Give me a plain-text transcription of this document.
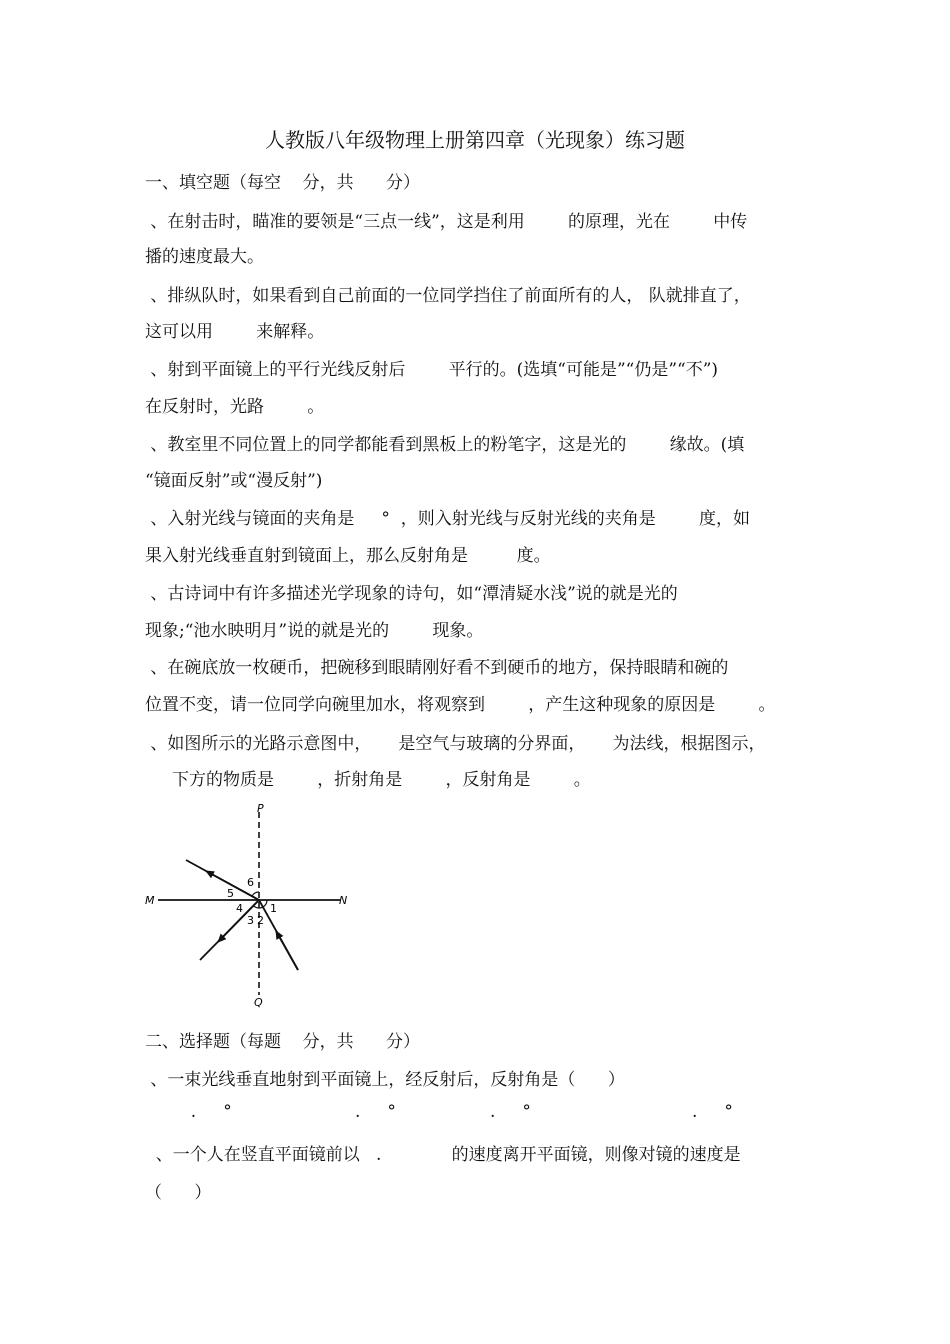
人教版八年级物理上册第四章（光现象）练习题
一、填空题（每空    分，共      分）
、在射击时，瞄准的要领是“三点一线”，这是利用        的原理，光在        中传
播的速度最大。
、排纵队时，如果看到自己前面的一位同学挡住了前面所有的人， 队就排直了，
这可以用        来解释。
、射到平面镜上的平行光线反射后        平行的。(选填“可能是”“仍是”“不”)
在反射时，光路        。
、教室里不同位置上的同学都能看到黑板上的粉笔字，这是光的        缘故。(填
“镜面反射”或“漫反射”)
、入射光线与镜面的夹角是     °  ，则入射光线与反射光线的夹角是        度，如
果入射光线垂直射到镜面上，那么反射角是         度。
、古诗词中有许多描述光学现象的诗句，如“潭清疑水浅”说的就是光的
现象;“池水映明月”说的就是光的        现象。
、在碗底放一枚硬币，把碗移到眼睛刚好看不到硬币的地方，保持眼睛和碗的
位置不变，请一位同学向碗里加水，将观察到        ，产生这种现象的原因是        。
、如图所示的光路示意图中，     是空气与玻璃的分界面，     为法线，根据图示，
下方的物质是        ，折射角是        ，反射角是        。
P
Q
M	N
6
5
4
3 2
1
二、选择题（每题    分，共      分）
、一束光线垂直地射到平面镜上，经反射后，反射角是（      ）
.     °	.     °	.     °	.     °
、一个人在竖直平面镜前以   .             的速度离开平面镜，则像对镜的速度是
（      ）
